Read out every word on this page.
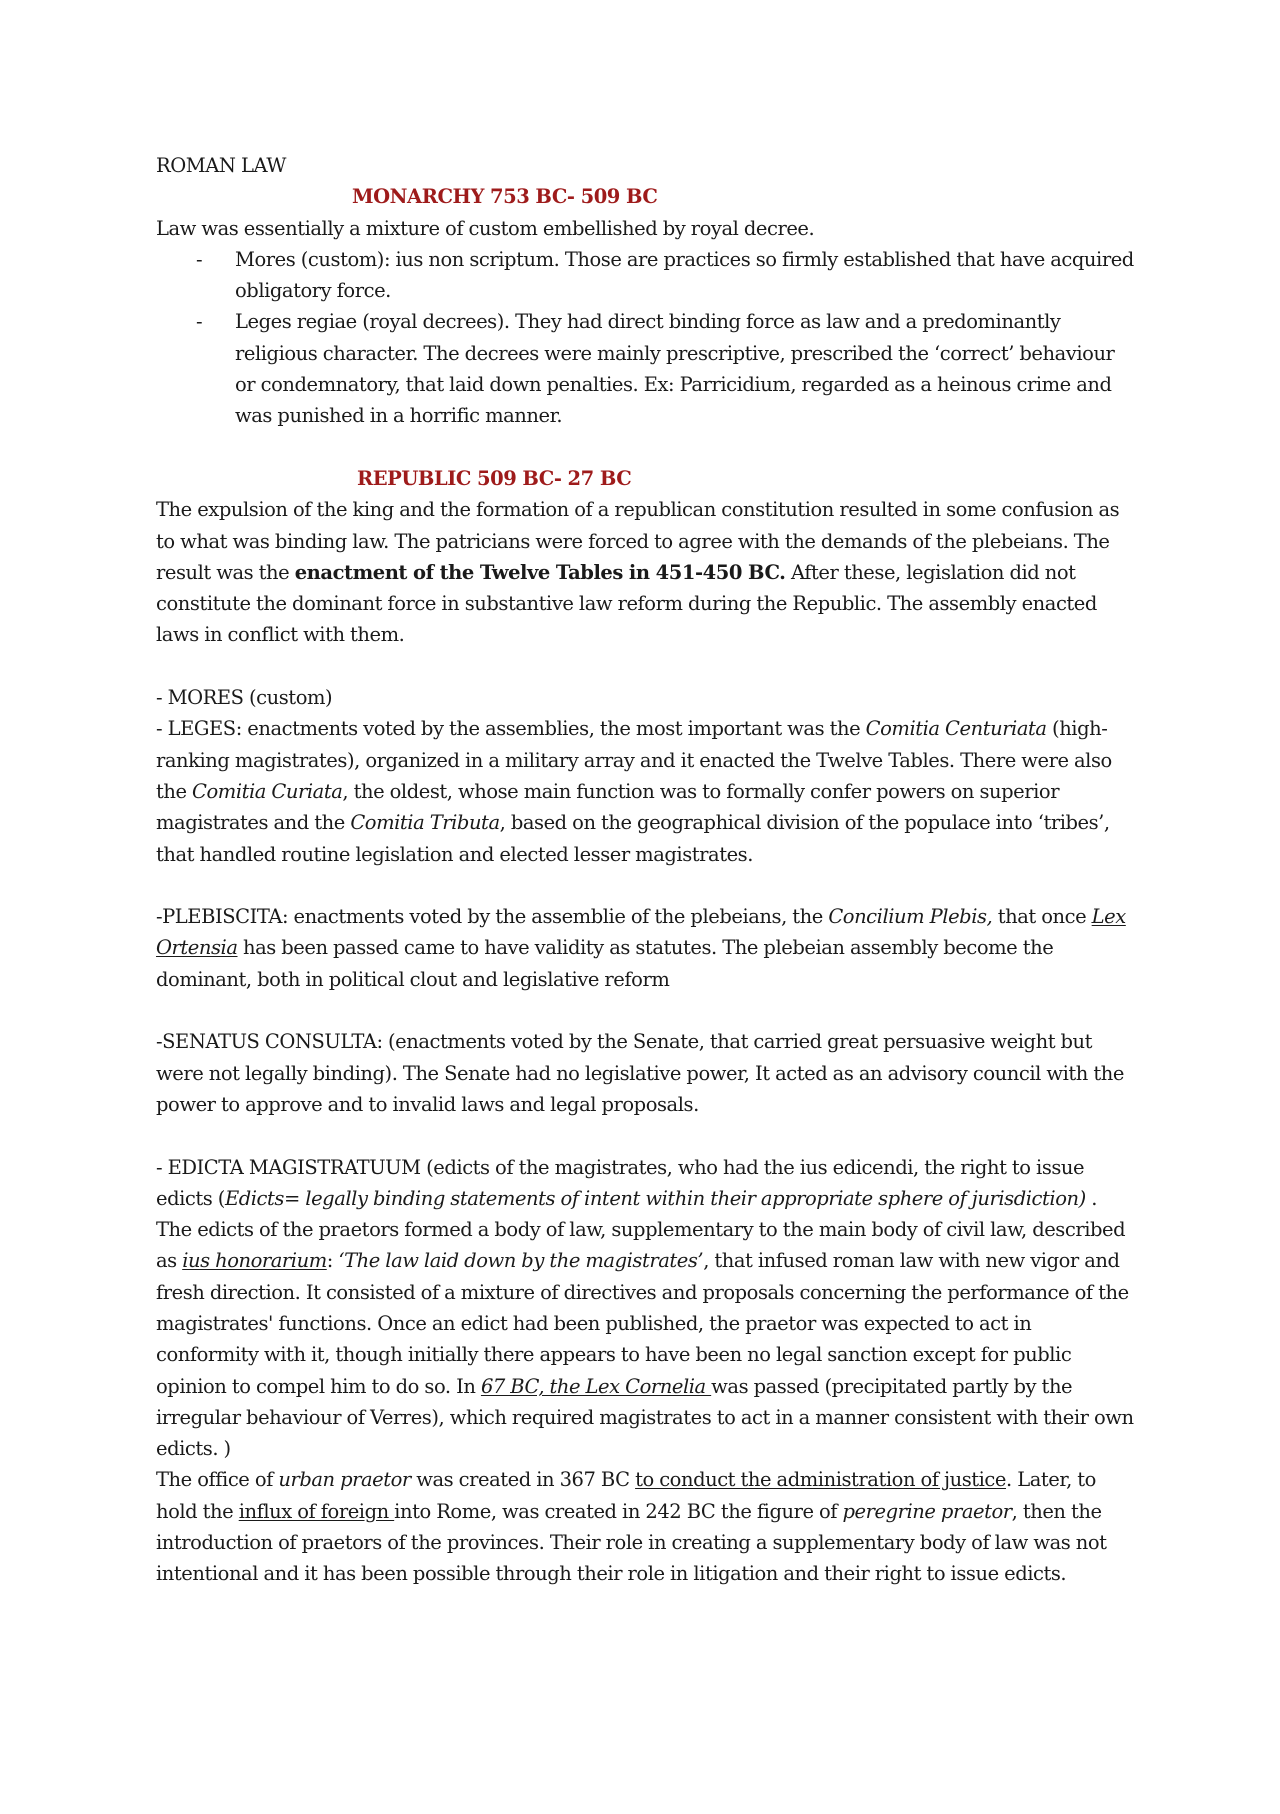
ROMAN LAW

MONARCHY 753 BC- 509 BC

Law was essentially a mixture of custom embellished by royal decree.

- Mores (custom): ius non scriptum. Those are practices so firmly established that have acquired obligatory force.

- Leges regiae (royal decrees). They had direct binding force as law and a predominantly religious character. The decrees were mainly prescriptive, prescribed the ‘correct’ behaviour or condemnatory, that laid down penalties. Ex: Parricidium, regarded as a heinous crime and was punished in a horrific manner.

REPUBLIC 509 BC- 27 BC

The expulsion of the king and the formation of a republican constitution resulted in some confusion as to what was binding law. The patricians were forced to agree with the demands of the plebeians. The result was the enactment of the Twelve Tables in 451-450 BC. After these, legislation did not constitute the dominant force in substantive law reform during the Republic. The assembly enacted laws in conflict with them.

- MORES (custom)

- LEGES: enactments voted by the assemblies, the most important was the Comitia Centuriata (high-ranking magistrates), organized in a military array and it enacted the Twelve Tables. There were also the Comitia Curiata, the oldest, whose main function was to formally confer powers on superior magistrates and the Comitia Tributa, based on the geographical division of the populace into ‘tribes’, that handled routine legislation and elected lesser magistrates.

-PLEBISCITA: enactments voted by the assemblie of the plebeians, the Concilium Plebis, that once Lex Ortensia has been passed came to have validity as statutes. The plebeian assembly become the dominant, both in political clout and legislative reform

-SENATUS CONSULTA: (enactments voted by the Senate, that carried great persuasive weight but were not legally binding). The Senate had no legislative power, It acted as an advisory council with the power to approve and to invalid laws and legal proposals.

- EDICTA MAGISTRATUUM (edicts of the magistrates, who had the ius edicendi, the right to issue edicts (Edicts= legally binding statements of intent within their appropriate sphere of jurisdiction) . The edicts of the praetors formed a body of law, supplementary to the main body of civil law, described as ius honorarium: ‘The law laid down by the magistrates’, that infused roman law with new vigor and fresh direction. It consisted of a mixture of directives and proposals concerning the performance of the magistrates' functions. Once an edict had been published, the praetor was expected to act in conformity with it, though initially there appears to have been no legal sanction except for public opinion to compel him to do so. In 67 BC, the Lex Cornelia was passed (precipitated partly by the irregular behaviour of Verres), which required magistrates to act in a manner consistent with their own edicts. )

The office of urban praetor was created in 367 BC to conduct the administration of justice. Later, to hold the influx of foreign into Rome, was created in 242 BC the figure of peregrine praetor, then the introduction of praetors of the provinces. Their role in creating a supplementary body of law was not intentional and it has been possible through their role in litigation and their right to issue edicts.
